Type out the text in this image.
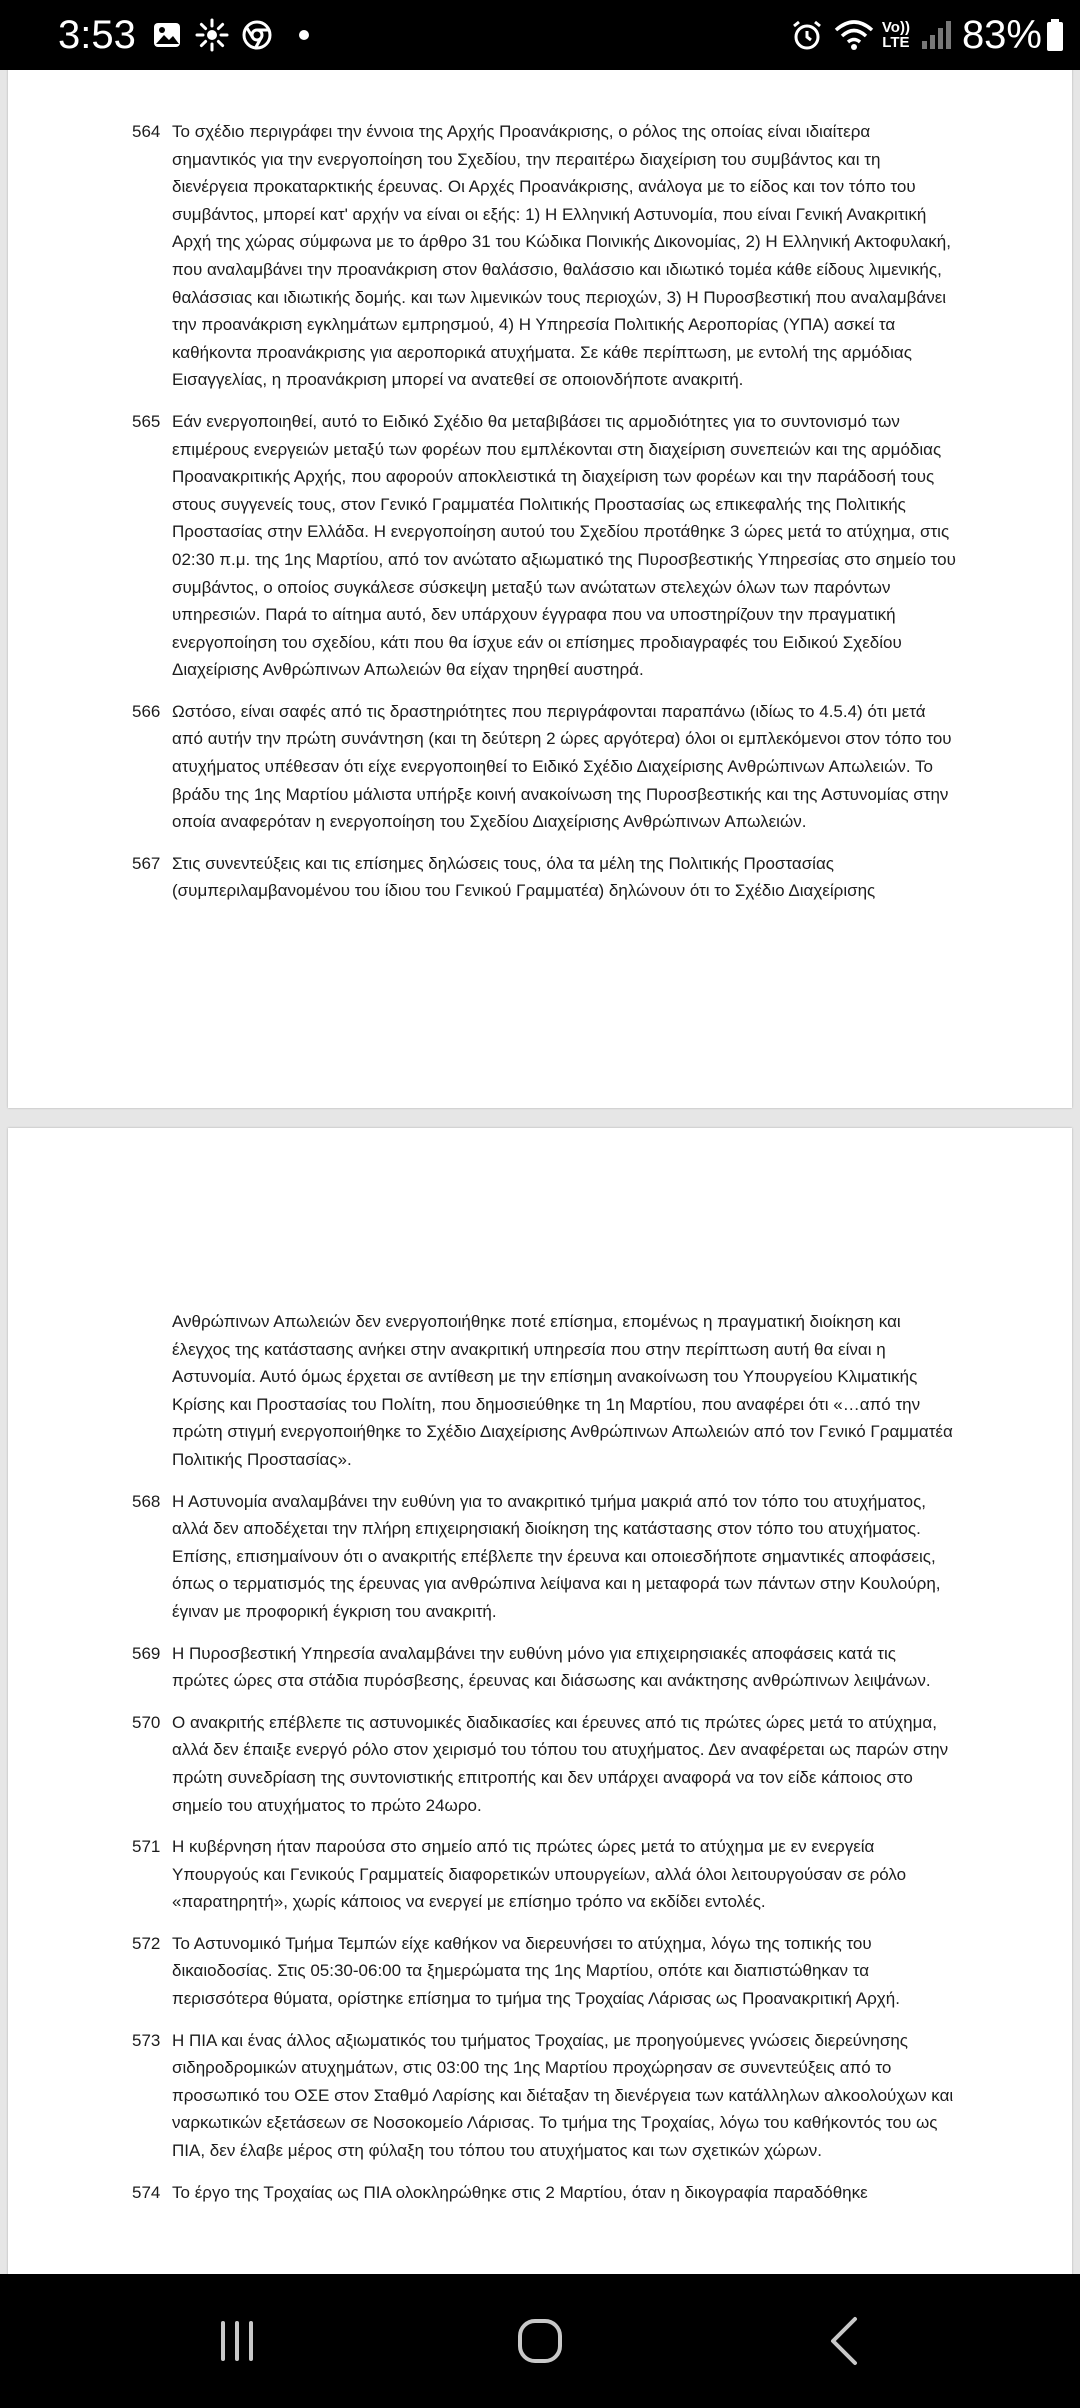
3:53	Vo))
LTE 83%

564 Το σχέδιο περιγράφει την έννοια της Αρχής Προανάκρισης, ο ρόλος της οποίας είναι ιδιαίτερα σημαντικός για την ενεργοποίηση του Σχεδίου, την περαιτέρω διαχείριση του συμβάντος και τη διενέργεια προκαταρκτικής έρευνας. Οι Αρχές Προανάκρισης, ανάλογα με το είδος και τον τόπο του συμβάντος, μπορεί κατ' αρχήν να είναι οι εξής: 1) Η Ελληνική Αστυνομία, που είναι Γενική Ανακριτική Αρχή της χώρας σύμφωνα με το άρθρο 31 του Κώδικα Ποινικής Δικονομίας, 2) Η Ελληνική Ακτοφυλακή, που αναλαμβάνει την προανάκριση στον θαλάσσιο, θαλάσσιο και ιδιωτικό τομέα κάθε είδους λιμενικής, θαλάσσιας και ιδιωτικής δομής. και των λιμενικών τους περιοχών, 3) Η Πυροσβεστική που αναλαμβάνει την προανάκριση εγκλημάτων εμπρησμού, 4) Η Υπηρεσία Πολιτικής Αεροπορίας (ΥΠΑ) ασκεί τα καθήκοντα προανάκρισης για αεροπορικά ατυχήματα. Σε κάθε περίπτωση, με εντολή της αρμόδιας Εισαγγελίας, η προανάκριση μπορεί να ανατεθεί σε οποιονδήποτε ανακριτή.

565 Εάν ενεργοποιηθεί, αυτό το Ειδικό Σχέδιο θα μεταβιβάσει τις αρμοδιότητες για το συντονισμό των επιμέρους ενεργειών μεταξύ των φορέων που εμπλέκονται στη διαχείριση συνεπειών και της αρμόδιας Προανακριτικής Αρχής, που αφορούν αποκλειστικά τη διαχείριση των φορέων και την παράδοσή τους στους συγγενείς τους, στον Γενικό Γραμματέα Πολιτικής Προστασίας ως επικεφαλής της Πολιτικής Προστασίας στην Ελλάδα. Η ενεργοποίηση αυτού του Σχεδίου προτάθηκε 3 ώρες μετά το ατύχημα, στις 02:30 π.μ. της 1ης Μαρτίου, από τον ανώτατο αξιωματικό της Πυροσβεστικής Υπηρεσίας στο σημείο του συμβάντος, ο οποίος συγκάλεσε σύσκεψη μεταξύ των ανώτατων στελεχών όλων των παρόντων υπηρεσιών. Παρά το αίτημα αυτό, δεν υπάρχουν έγγραφα που να υποστηρίζουν την πραγματική ενεργοποίηση του σχεδίου, κάτι που θα ίσχυε εάν οι επίσημες προδιαγραφές του Ειδικού Σχεδίου Διαχείρισης Ανθρώπινων Απωλειών θα είχαν τηρηθεί αυστηρά.

566 Ωστόσο, είναι σαφές από τις δραστηριότητες που περιγράφονται παραπάνω (ιδίως το 4.5.4) ότι μετά από αυτήν την πρώτη συνάντηση (και τη δεύτερη 2 ώρες αργότερα) όλοι οι εμπλεκόμενοι στον τόπο του ατυχήματος υπέθεσαν ότι είχε ενεργοποιηθεί το Ειδικό Σχέδιο Διαχείρισης Ανθρώπινων Απωλειών. Το βράδυ της 1ης Μαρτίου μάλιστα υπήρξε κοινή ανακοίνωση της Πυροσβεστικής και της Αστυνομίας στην οποία αναφερόταν η ενεργοποίηση του Σχεδίου Διαχείρισης Ανθρώπινων Απωλειών.

567 Στις συνεντεύξεις και τις επίσημες δηλώσεις τους, όλα τα μέλη της Πολιτικής Προστασίας (συμπεριλαμβανομένου του ίδιου του Γενικού Γραμματέα) δηλώνουν ότι το Σχέδιο Διαχείρισης

Ανθρώπινων Απωλειών δεν ενεργοποιήθηκε ποτέ επίσημα, επομένως η πραγματική διοίκηση και έλεγχος της κατάστασης ανήκει στην ανακριτική υπηρεσία που στην περίπτωση αυτή θα είναι η Αστυνομία. Αυτό όμως έρχεται σε αντίθεση με την επίσημη ανακοίνωση του Υπουργείου Κλιματικής Κρίσης και Προστασίας του Πολίτη, που δημοσιεύθηκε τη 1η Μαρτίου, που αναφέρει ότι «…από την πρώτη στιγμή ενεργοποιήθηκε το Σχέδιο Διαχείρισης Ανθρώπινων Απωλειών από τον Γενικό Γραμματέα Πολιτικής Προστασίας».

568 Η Αστυνομία αναλαμβάνει την ευθύνη για το ανακριτικό τμήμα μακριά από τον τόπο του ατυχήματος, αλλά δεν αποδέχεται την πλήρη επιχειρησιακή διοίκηση της κατάστασης στον τόπο του ατυχήματος. Επίσης, επισημαίνουν ότι ο ανακριτής επέβλεπε την έρευνα και οποιεσδήποτε σημαντικές αποφάσεις, όπως ο τερματισμός της έρευνας για ανθρώπινα λείψανα και η μεταφορά των πάντων στην Κουλούρη, έγιναν με προφορική έγκριση του ανακριτή.

569 Η Πυροσβεστική Υπηρεσία αναλαμβάνει την ευθύνη μόνο για επιχειρησιακές αποφάσεις κατά τις πρώτες ώρες στα στάδια πυρόσβεσης, έρευνας και διάσωσης και ανάκτησης ανθρώπινων λειψάνων.

570 Ο ανακριτής επέβλεπε τις αστυνομικές διαδικασίες και έρευνες από τις πρώτες ώρες μετά το ατύχημα, αλλά δεν έπαιξε ενεργό ρόλο στον χειρισμό του τόπου του ατυχήματος. Δεν αναφέρεται ως παρών στην πρώτη συνεδρίαση της συντονιστικής επιτροπής και δεν υπάρχει αναφορά να τον είδε κάποιος στο σημείο του ατυχήματος το πρώτο 24ωρο.

571 Η κυβέρνηση ήταν παρούσα στο σημείο από τις πρώτες ώρες μετά το ατύχημα με εν ενεργεία Υπουργούς και Γενικούς Γραμματείς διαφορετικών υπουργείων, αλλά όλοι λειτουργούσαν σε ρόλο «παρατηρητή», χωρίς κάποιος να ενεργεί με επίσημο τρόπο να εκδίδει εντολές.

572 Το Αστυνομικό Τμήμα Τεμπών είχε καθήκον να διερευνήσει το ατύχημα, λόγω της τοπικής του δικαιοδοσίας. Στις 05:30-06:00 τα ξημερώματα της 1ης Μαρτίου, οπότε και διαπιστώθηκαν τα περισσότερα θύματα, ορίστηκε επίσημα το τμήμα της Τροχαίας Λάρισας ως Προανακριτική Αρχή.

573 Η ΠΙΑ και ένας άλλος αξιωματικός του τμήματος Τροχαίας, με προηγούμενες γνώσεις διερεύνησης σιδηροδρομικών ατυχημάτων, στις 03:00 της 1ης Μαρτίου προχώρησαν σε συνεντεύξεις από το προσωπικό του ΟΣΕ στον Σταθμό Λαρίσης και διέταξαν τη διενέργεια των κατάλληλων αλκοολούχων και ναρκωτικών εξετάσεων σε Νοσοκομείο Λάρισας. Το τμήμα της Τροχαίας, λόγω του καθήκοντός του ως ΠΙΑ, δεν έλαβε μέρος στη φύλαξη του τόπου του ατυχήματος και των σχετικών χώρων.

574 Το έργο της Τροχαίας ως ΠΙΑ ολοκληρώθηκε στις 2 Μαρτίου, όταν η δικογραφία παραδόθηκε
